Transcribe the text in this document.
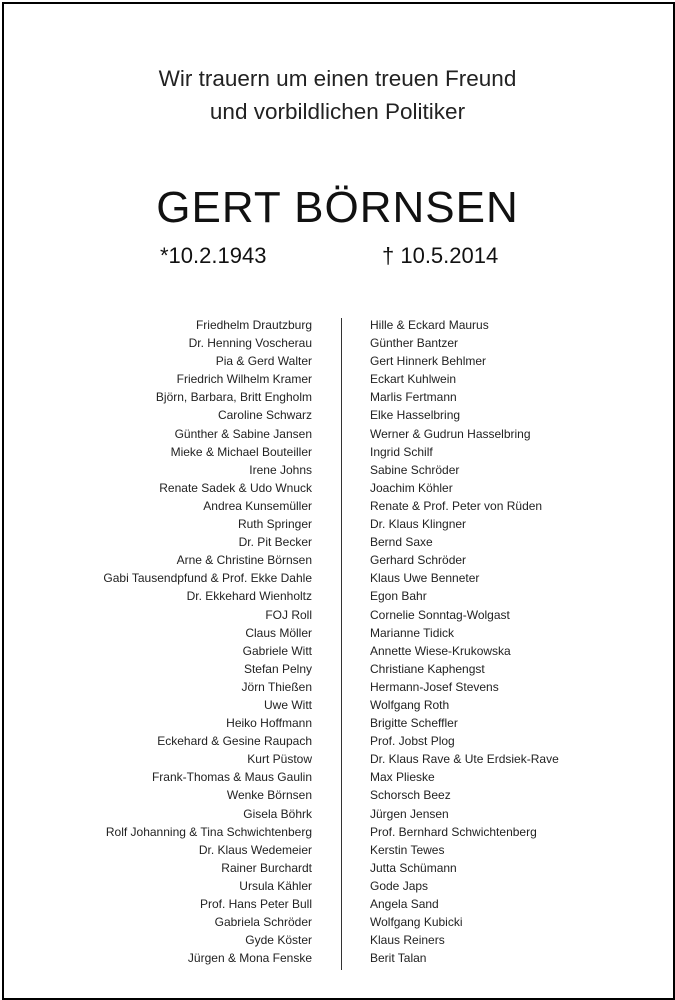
Wir trauern um einen treuen Freund
und vorbildlichen Politiker
GERT BÖRNSEN
*10.2.1943	† 10.5.2014
Friedhelm Drautzburg
Dr. Henning Voscherau
Pia & Gerd Walter
Friedrich Wilhelm Kramer
Björn, Barbara, Britt Engholm
Caroline Schwarz
Günther & Sabine Jansen
Mieke & Michael Bouteiller
Irene Johns
Renate Sadek & Udo Wnuck
Andrea Kunsemüller
Ruth Springer
Dr. Pit Becker
Arne & Christine Börnsen
Gabi Tausendpfund & Prof. Ekke Dahle
Dr. Ekkehard Wienholtz
FOJ Roll
Claus Möller
Gabriele Witt
Stefan Pelny
Jörn Thießen
Uwe Witt
Heiko Hoffmann
Eckehard & Gesine Raupach
Kurt Püstow
Frank-Thomas & Maus Gaulin
Wenke Börnsen
Gisela Böhrk
Rolf Johanning & Tina Schwichtenberg
Dr. Klaus Wedemeier
Rainer Burchardt
Ursula Kähler
Prof. Hans Peter Bull
Gabriela Schröder
Gyde Köster
Jürgen & Mona Fenske
Hille & Eckard Maurus
Günther Bantzer
Gert Hinnerk Behlmer
Eckart Kuhlwein
Marlis Fertmann
Elke Hasselbring
Werner & Gudrun Hasselbring
Ingrid Schilf
Sabine Schröder
Joachim Köhler
Renate & Prof. Peter von Rüden
Dr. Klaus Klingner
Bernd Saxe
Gerhard Schröder
Klaus Uwe Benneter
Egon Bahr
Cornelie Sonntag-Wolgast
Marianne Tidick
Annette Wiese-Krukowska
Christiane Kaphengst
Hermann-Josef Stevens
Wolfgang Roth
Brigitte Scheffler
Prof. Jobst Plog
Dr. Klaus Rave & Ute Erdsiek-Rave
Max Plieske
Schorsch Beez
Jürgen Jensen
Prof. Bernhard Schwichtenberg
Kerstin Tewes
Jutta Schümann
Gode Japs
Angela Sand
Wolfgang Kubicki
Klaus Reiners
Berit Talan
